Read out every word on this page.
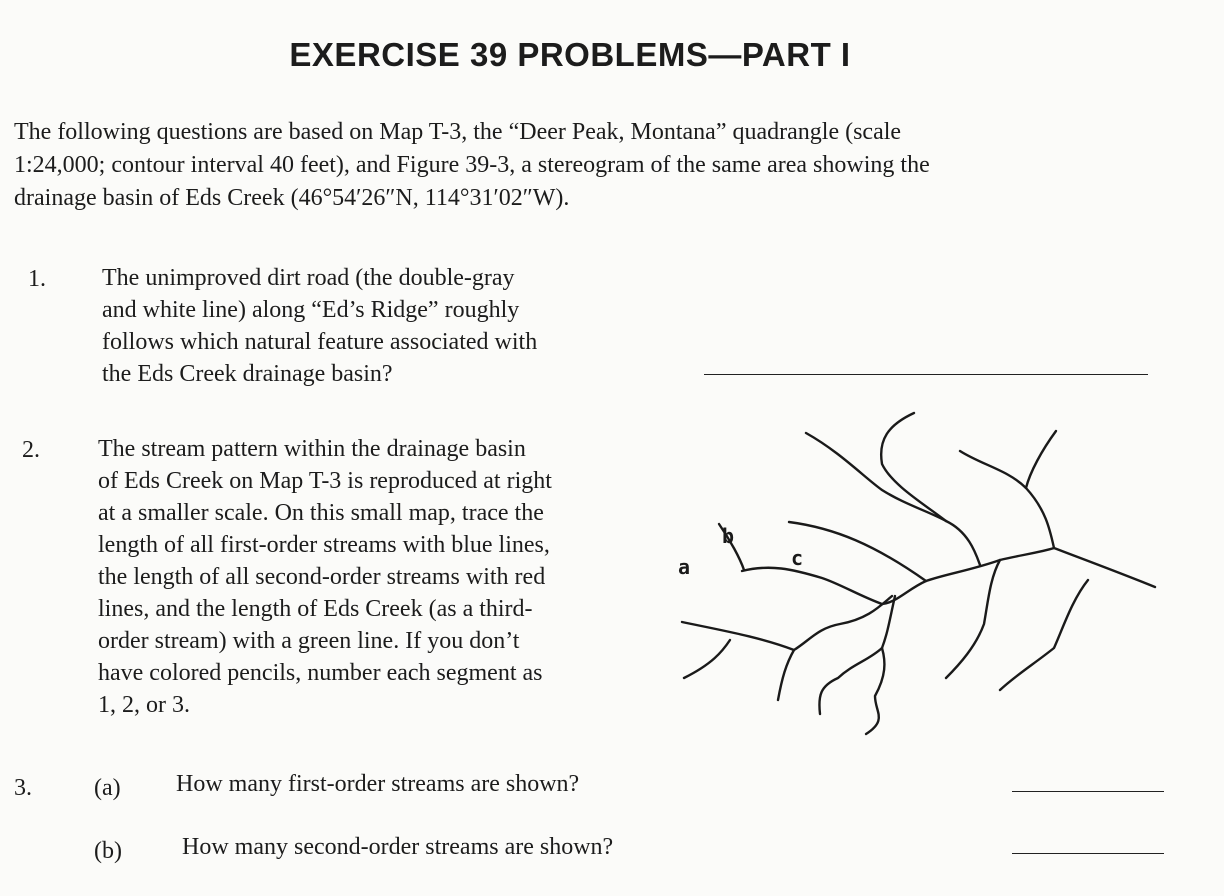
EXERCISE 39 PROBLEMS—PART I
The following questions are based on Map T-3, the “Deer Peak, Montana” quadrangle (scale
1:24,000; contour interval 40 feet), and Figure 39-3, a stereogram of the same area showing the
drainage basin of Eds Creek (46°54′26″N, 114°31′02″W).
1. The unimproved dirt road (the double-gray
and white line) along “Ed’s Ridge” roughly
follows which natural feature associated with
the Eds Creek drainage basin?
2. The stream pattern within the drainage basin
of Eds Creek on Map T-3 is reproduced at right
at a smaller scale. On this small map, trace the
length of all first-order streams with blue lines,
the length of all second-order streams with red
lines, and the length of Eds Creek (as a third-
order stream) with a green line. If you don’t
have colored pencils, number each segment as
1, 2, or 3.
a
b
c
3.	(a) How many first-order streams are shown?
(b)	How many second-order streams are shown?
